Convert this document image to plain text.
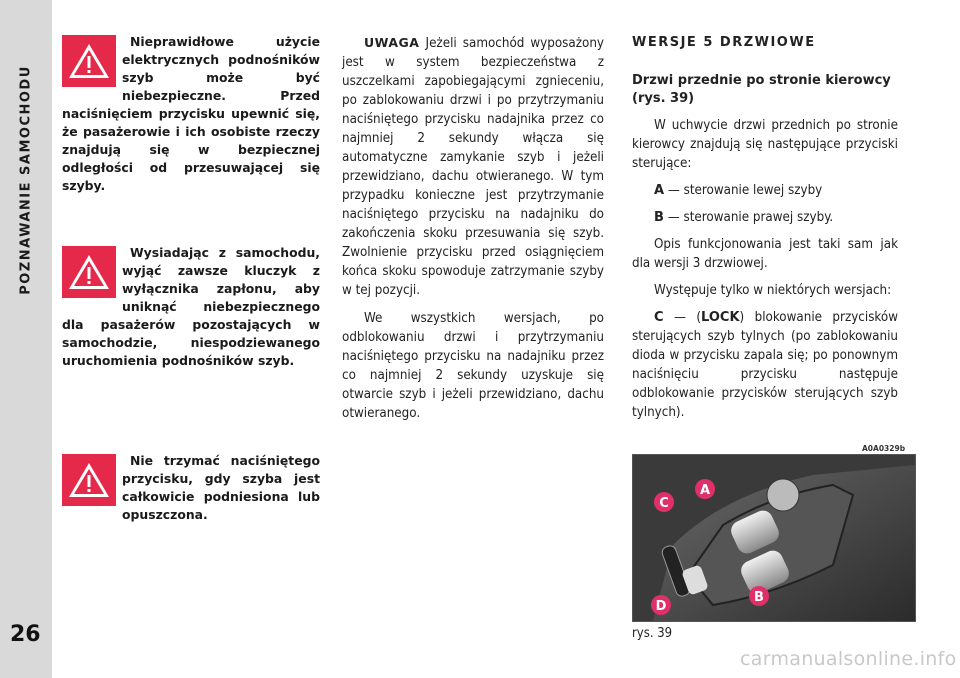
POZNAWANIE SAMOCHODU
26
Nieprawidłowe użycie elektrycznych podnośników szyb może być niebezpieczne. Przed naciśnięciem przycisku upewnić się, że pasażerowie i ich osobiste rzeczy znajdują się w bezpiecznej odległości od przesuwającej się szyby.
Wysiadając z samochodu, wyjąć zawsze kluczyk z wyłącznika zapłonu, aby uniknąć niebezpiecznego dla pasażerów pozostających w samochodzie, niespodziewanego uruchomienia podnośników szyb.
Nie trzymać naciśniętego przycisku, gdy szyba jest całkowicie podniesiona lub opuszczona.

UWAGA Jeżeli samochód wyposażony jest w system bezpieczeństwa z uszczelkami zapobiegającymi zgnieceniu, po zablokowaniu drzwi i po przytrzymaniu naciśniętego przycisku nadajnika przez co najmniej 2 sekundy włącza się automatyczne zamykanie szyb i jeżeli przewidziano, dachu otwieranego. W tym przypadku konieczne jest przytrzymanie naciśniętego przycisku na nadajniku do zakończenia skoku przesuwania się szyb. Zwolnienie przycisku przed osiągnięciem końca skoku spowoduje zatrzymanie szyby w tej pozycji.

We wszystkich wersjach, po odblokowaniu drzwi i przytrzymaniu naciśniętego przycisku na nadajniku przez co najmniej 2 sekundy uzyskuje się otwarcie szyb i jeżeli przewidziano, dachu otwieranego.

WERSJE 5 DRZWIOWE
Drzwi przednie po stronie kierowcy (rys. 39)

W uchwycie drzwi przednich po stronie kierowcy znajdują się następujące przyciski sterujące:

A — sterowanie lewej szyby

B — sterowanie prawej szyby.

Opis funkcjonowania jest taki sam jak dla wersji 3 drzwiowej.

Występuje tylko w niektórych wersjach:

C — (LOCK) blokowanie przycisków sterujących szyb tylnych (po zablokowaniu dioda w przycisku zapala się; po ponownym naciśnięciu przycisku następuje odblokowanie przycisków sterujących szyb tylnych).

A0A0329b
A
B
C
D
rys. 39
carmanualsonline.info
